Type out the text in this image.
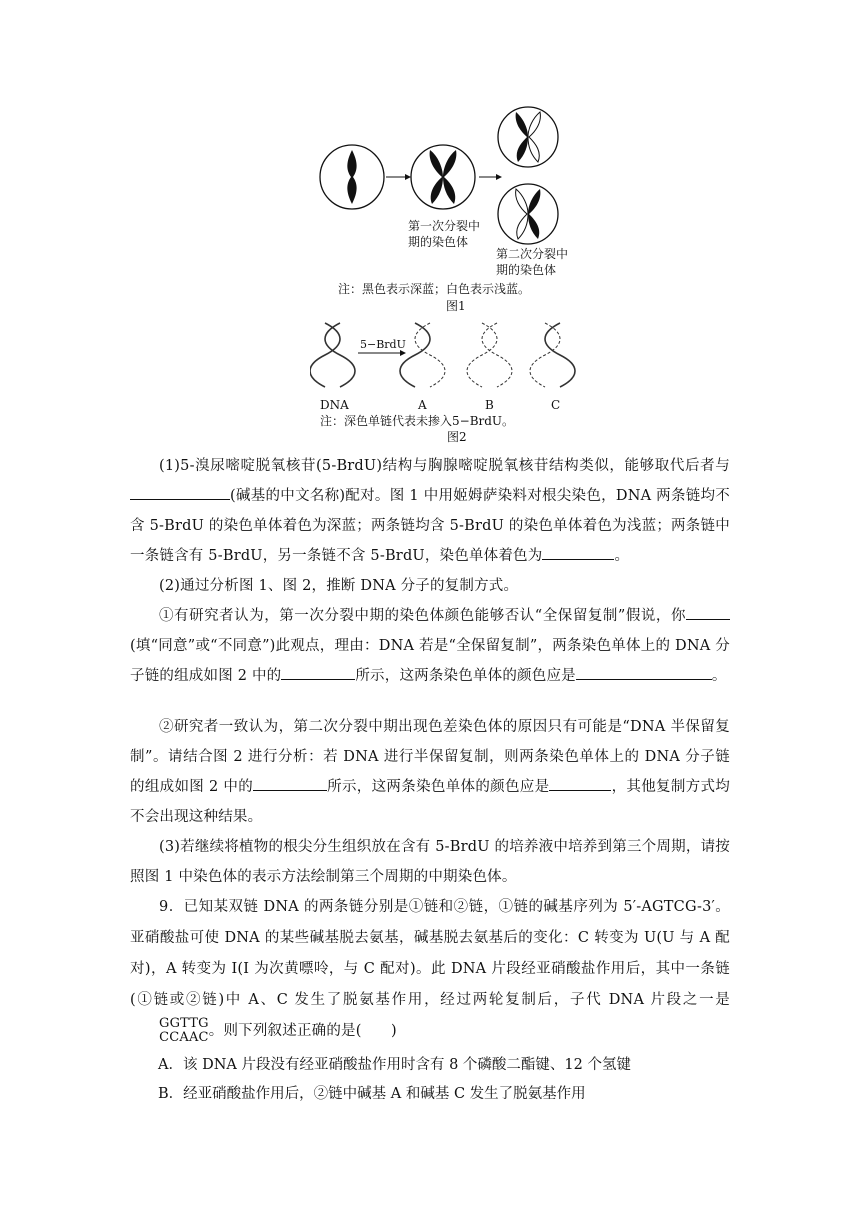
第一次分裂中
期的染色体
第二次分裂中
期的染色体
注：黑色表示深蓝；白色表示浅蓝。
图1
5−BrdU
DNA	A	B	C
注：深色单链代表未掺入5−BrdU。
图2
(1)5-溴尿嘧啶脱氧核苷(5-BrdU)结构与胸腺嘧啶脱氧核苷结构类似，能够取代后者与(碱基的中文名称)配对。图 1 中用姬姆萨染料对根尖染色，DNA 两条链均不含 5-BrdU 的染色单体着色为深蓝；两条链均含 5-BrdU 的染色单体着色为浅蓝；两条链中一条链含有 5-BrdU，另一条链不含 5-BrdU，染色单体着色为	。
(2)通过分析图 1、图 2，推断 DNA 分子的复制方式。
①有研究者认为，第一次分裂中期的染色体颜色能够否认“全保留复制”假说，你(填“同意”或“不同意”)此观点，理由：DNA 若是“全保留复制”，两条染色单体上的 DNA 分子链的组成如图 2 中的	所示，这两条染色单体的颜色应是	。
②研究者一致认为，第二次分裂中期出现色差染色体的原因只有可能是“DNA 半保留复制”。请结合图 2 进行分析：若 DNA 进行半保留复制，则两条染色单体上的 DNA 分子链的组成如图 2 中的	所示，这两条染色单体的颜色应是	，其他复制方式均不会出现这种结果。
(3)若继续将植物的根尖分生组织放在含有 5-BrdU 的培养液中培养到第三个周期，请按照图 1 中染色体的表示方法绘制第三个周期的中期染色体。
9．已知某双链 DNA 的两条链分别是①链和②链，①链的碱基序列为 5′-AGTCG-3′。亚硝酸盐可使 DNA 的某些碱基脱去氨基，碱基脱去氨基后的变化：C 转变为 U(U 与 A 配对)，A 转变为 I(I 为次黄嘌呤，与 C 配对)。此 DNA 片段经亚硝酸盐作用后，其中一条链(①链或②链)中 A、C 发生了脱氨基作用，经过两轮复制后，子代 DNA 片段之一是
GGTTG
CCAAC 。则下列叙述正确的是(　　)
A．该 DNA 片段没有经亚硝酸盐作用时含有 8 个磷酸二酯键、12 个氢键
B．经亚硝酸盐作用后，②链中碱基 A 和碱基 C 发生了脱氨基作用
